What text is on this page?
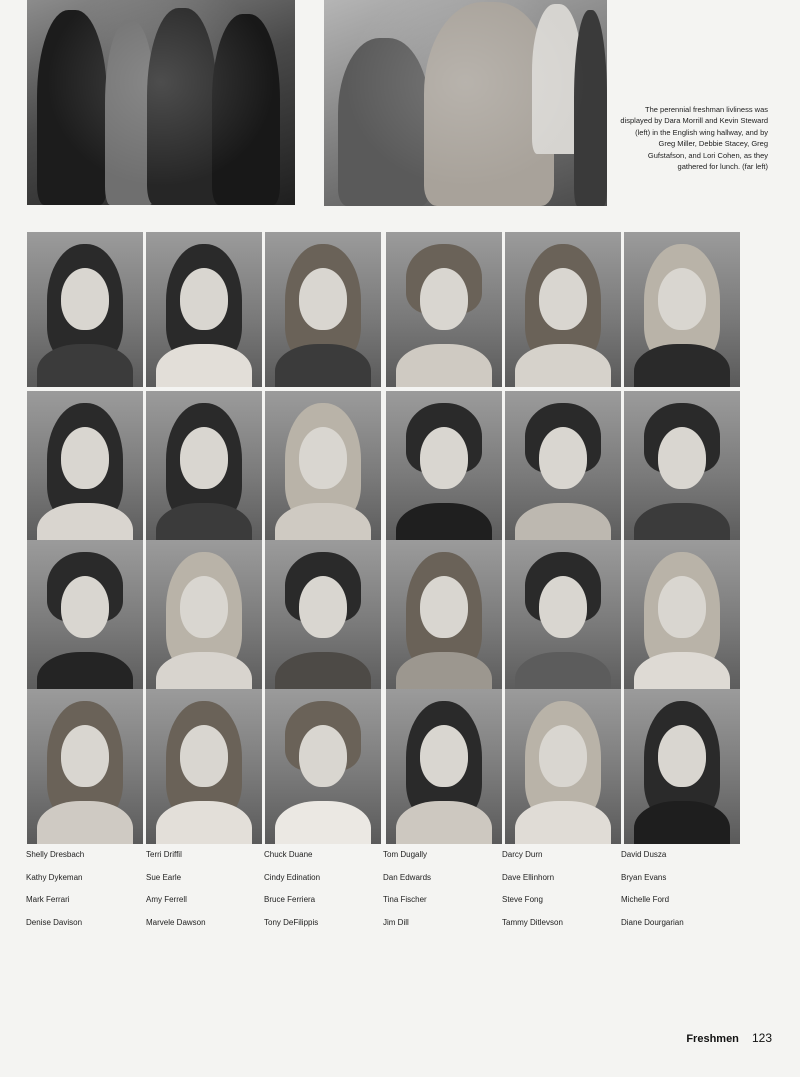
The perennial freshman livliness was displayed by Dara Morrill and Kevin Steward (left) in the English wing hallway, and by Greg Miller, Debbie Stacey, Greg Gufstafson, and Lori Cohen, as they gathered for lunch. (far left)
Shelly Dresbach
Kathy Dykeman
Mark Ferrari
Denise Davison
Terri Driffil
Sue Earle
Amy Ferrell
Marvele Dawson
Chuck Duane
Cindy Edination
Bruce Ferriera
Tony DeFilippis
Tom Dugally
Dan Edwards
Tina Fischer
Jim Dill
Darcy Durn
Dave Ellinhorn
Steve Fong
Tammy Ditlevson
David Dusza
Bryan Evans
Michelle Ford
Diane Dourgarian
Freshmen 123
